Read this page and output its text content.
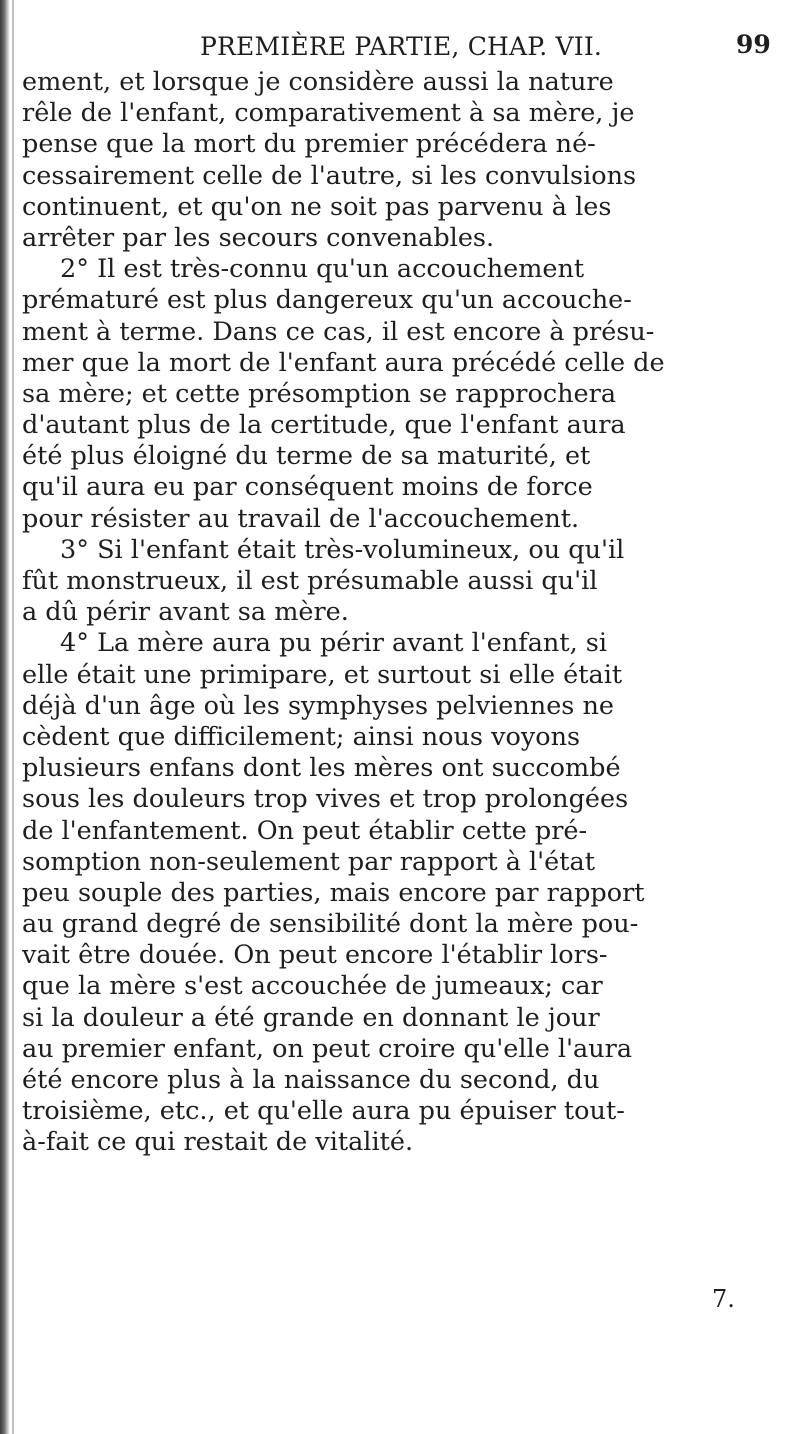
PREMIÈRE PARTIE, CHAP. VII.	99
ement, et lorsque je considère aussi la nature
rêle de l'enfant, comparativement à sa mère, je
pense que la mort du premier précédera né-
cessairement celle de l'autre, si les convulsions
continuent, et qu'on ne soit pas parvenu à les
arrêter par les secours convenables.
2° Il est très-connu qu'un accouchement
prématuré est plus dangereux qu'un accouche-
ment à terme. Dans ce cas, il est encore à présu-
mer que la mort de l'enfant aura précédé celle de
sa mère; et cette présomption se rapprochera
d'autant plus de la certitude, que l'enfant aura
été plus éloigné du terme de sa maturité, et
qu'il aura eu par conséquent moins de force
pour résister au travail de l'accouchement.
3° Si l'enfant était très-volumineux, ou qu'il
fût monstrueux, il est présumable aussi qu'il
a dû périr avant sa mère.
4° La mère aura pu périr avant l'enfant, si
elle était une primipare, et surtout si elle était
déjà d'un âge où les symphyses pelviennes ne
cèdent que difficilement; ainsi nous voyons
plusieurs enfans dont les mères ont succombé
sous les douleurs trop vives et trop prolongées
de l'enfantement. On peut établir cette pré-
somption non-seulement par rapport à l'état
peu souple des parties, mais encore par rapport
au grand degré de sensibilité dont la mère pou-
vait être douée. On peut encore l'établir lors-
que la mère s'est accouchée de jumeaux; car
si la douleur a été grande en donnant le jour
au premier enfant, on peut croire qu'elle l'aura
été encore plus à la naissance du second, du
troisième, etc., et qu'elle aura pu épuiser tout-
à-fait ce qui restait de vitalité.
7.
